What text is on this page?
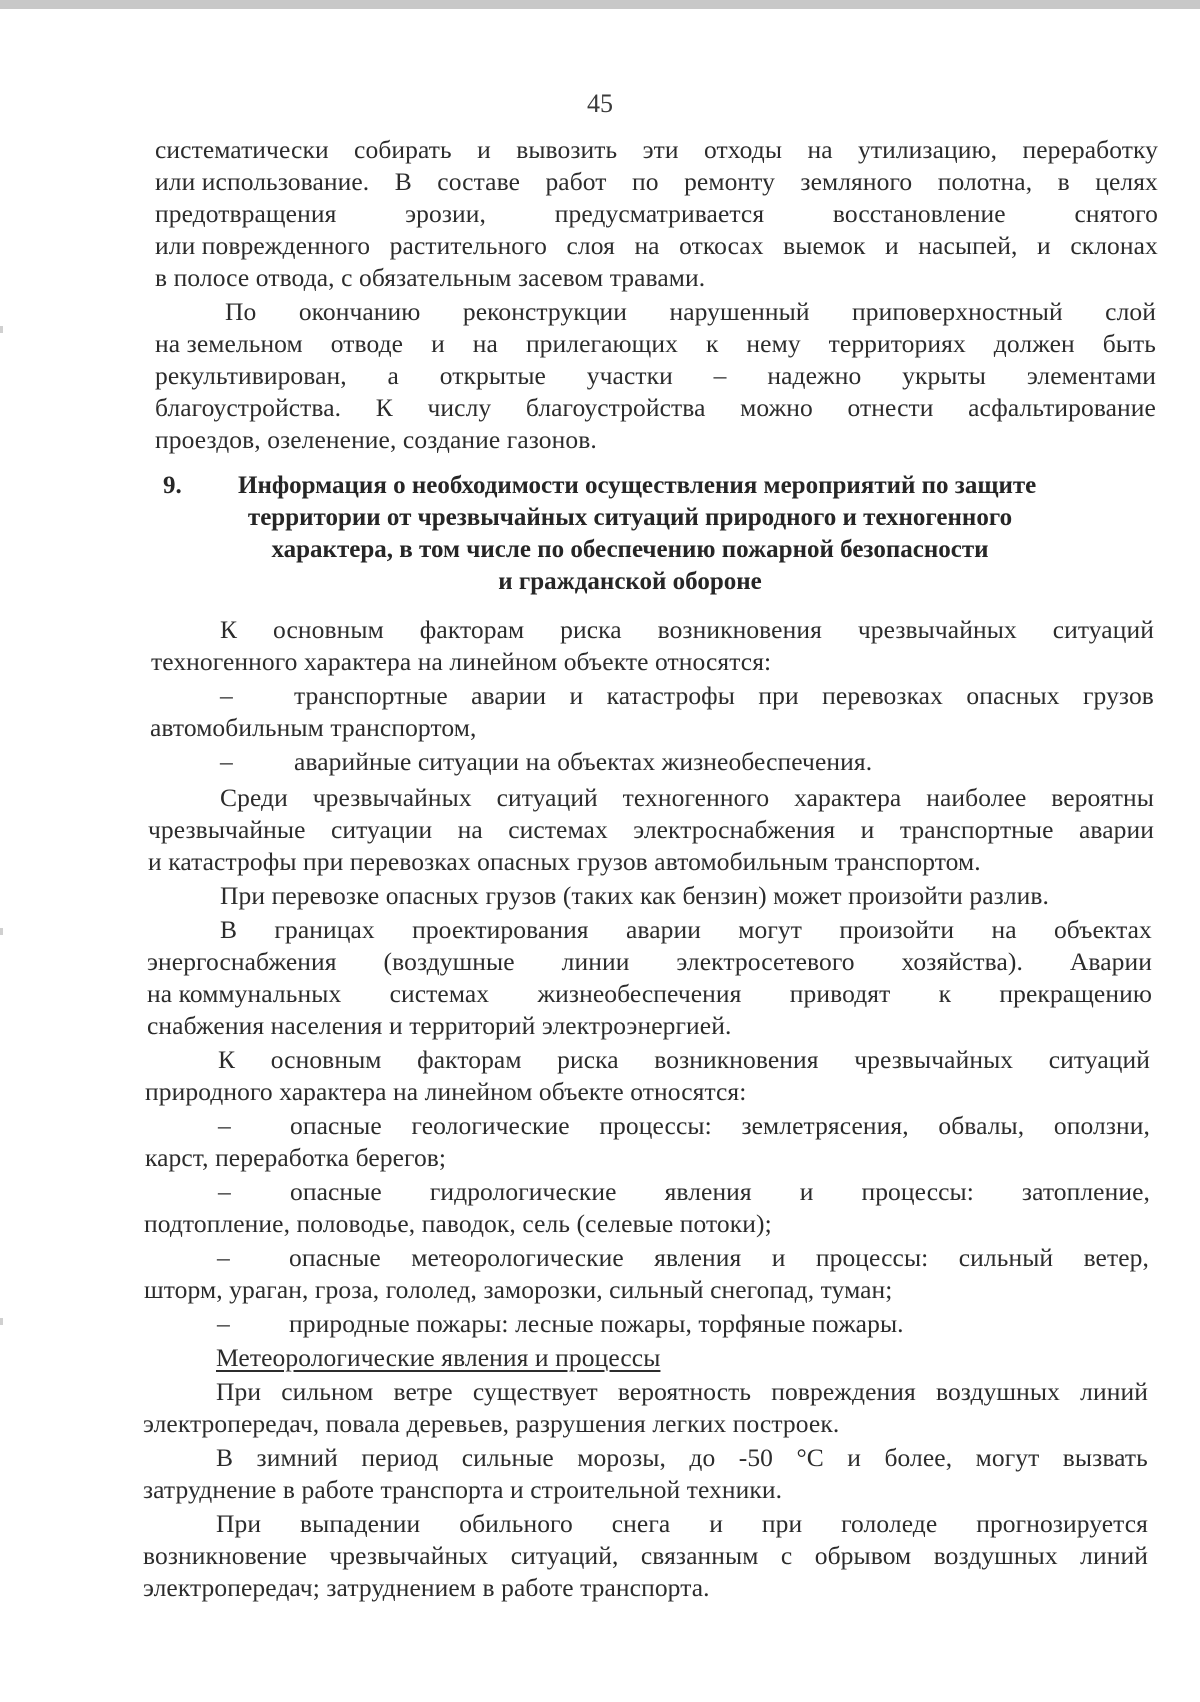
45
систематически собирать и вывозить эти отходы на утилизацию, переработку
или использование. В составе работ по ремонту земляного полотна, в целях
предотвращения	эрозии,	предусматривается	восстановление	снятого
или поврежденного растительного слоя на откосах выемок и насыпей, и склонах
в полосе отвода, с обязательным засевом травами.
По окончанию реконструкции нарушенный приповерхностный слой
на земельном отводе и на прилегающих к нему территориях должен быть
рекультивирован, а открытые участки – надежно укрыты элементами
благоустройства. К числу благоустройства можно отнести асфальтирование
проездов, озеленение, создание газонов.
9. Информация о необходимости осуществления мероприятий по защите
территории от чрезвычайных ситуаций природного и техногенного
характера, в том числе по обеспечению пожарной безопасности
и гражданской обороне
К основным факторам риска возникновения чрезвычайных ситуаций
техногенного характера на линейном объекте относятся:
– транспортные аварии и катастрофы при перевозках опасных грузов
автомобильным транспортом,
– аварийные ситуации на объектах жизнеобеспечения.
Среди чрезвычайных ситуаций техногенного характера наиболее вероятны
чрезвычайные ситуации на системах электроснабжения и транспортные аварии
и катастрофы при перевозках опасных грузов автомобильным транспортом.
При перевозке опасных грузов (таких как бензин) может произойти разлив.
В границах проектирования аварии могут произойти на объектах
энергоснабжения (воздушные линии электросетевого хозяйства). Аварии
на коммунальных системах жизнеобеспечения приводят к прекращению
снабжения населения и территорий электроэнергией.
К основным факторам риска возникновения чрезвычайных ситуаций
природного характера на линейном объекте относятся:
– опасные геологические процессы: землетрясения, обвалы, оползни,
карст, переработка берегов;
– опасные гидрологические явления и процессы: затопление,
подтопление, половодье, паводок, сель (селевые потоки);
– опасные метеорологические явления и процессы: сильный ветер,
шторм, ураган, гроза, гололед, заморозки, сильный снегопад, туман;
– природные пожары: лесные пожары, торфяные пожары.
Метеорологические явления и процессы
При сильном ветре существует вероятность повреждения воздушных линий
электропередач, повала деревьев, разрушения легких построек.
В зимний период сильные морозы, до -50 °С и более, могут вызвать
затруднение в работе транспорта и строительной техники.
При выпадении обильного снега и при гололеде прогнозируется
возникновение чрезвычайных ситуаций, связанным с обрывом воздушных линий
электропередач; затруднением в работе транспорта.
